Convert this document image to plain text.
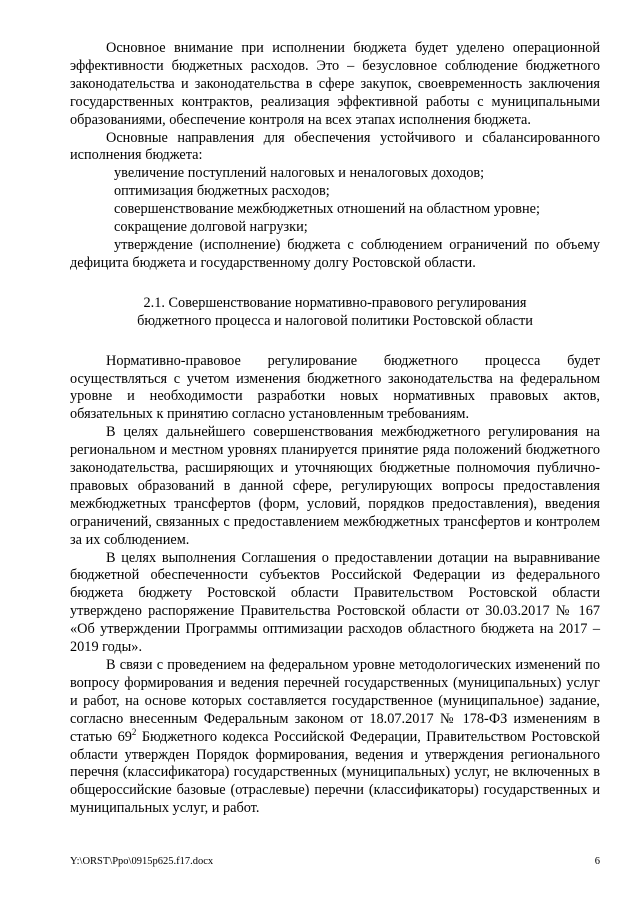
Основное внимание при исполнении бюджета будет уделено операционной эффективности бюджетных расходов. Это – безусловное соблюдение бюджетного законодательства и законодательства в сфере закупок, своевременность заключения государственных контрактов, реализация эффективной работы с муниципальными образованиями, обеспечение контроля на всех этапах исполнения бюджета.

Основные направления для обеспечения устойчивого и сбалансированного исполнения бюджета:

увеличение поступлений налоговых и неналоговых доходов;

оптимизация бюджетных расходов;

совершенствование межбюджетных отношений на областном уровне;

сокращение долговой нагрузки;

утверждение (исполнение) бюджета с соблюдением ограничений по объему дефицита бюджета и государственному долгу Ростовской области.

2.1. Совершенствование нормативно-правового регулирования
бюджетного процесса и налоговой политики Ростовской области

Нормативно-правовое регулирование бюджетного процесса будет осуществляться с учетом изменения бюджетного законодательства на федеральном уровне и необходимости разработки новых нормативных правовых актов, обязательных к принятию согласно установленным требованиям.

В целях дальнейшего совершенствования межбюджетного регулирования на региональном и местном уровнях планируется принятие ряда положений бюджетного законодательства, расширяющих и уточняющих бюджетные полномочия публично-правовых образований в данной сфере, регулирующих вопросы предоставления межбюджетных трансфертов (форм, условий, порядков предоставления), введения ограничений, связанных с предоставлением межбюджетных трансфертов и контролем за их соблюдением.

В целях выполнения Соглашения о предоставлении дотации на выравнивание бюджетной обеспеченности субъектов Российской Федерации из федерального бюджета бюджету Ростовской области Правительством Ростовской области утверждено распоряжение Правительства Ростовской области от 30.03.2017 № 167 «Об утверждении Программы оптимизации расходов областного бюджета на 2017 – 2019 годы».

В связи с проведением на федеральном уровне методологических изменений по вопросу формирования и ведения перечней государственных (муниципальных) услуг и работ, на основе которых составляется государственное (муниципальное) задание, согласно внесенным Федеральным законом от 18.07.2017 № 178-ФЗ изменениям в статью $69^2$ Бюджетного кодекса Российской Федерации, Правительством Ростовской области утвержден Порядок формирования, ведения и утверждения регионального перечня (классификатора) государственных (муниципальных) услуг, не включенных в общероссийские базовые (отраслевые) перечни (классификаторы) государственных и муниципальных услуг, и работ.

Y:\ORST\Ppo\0915p625.f17.docx	6
